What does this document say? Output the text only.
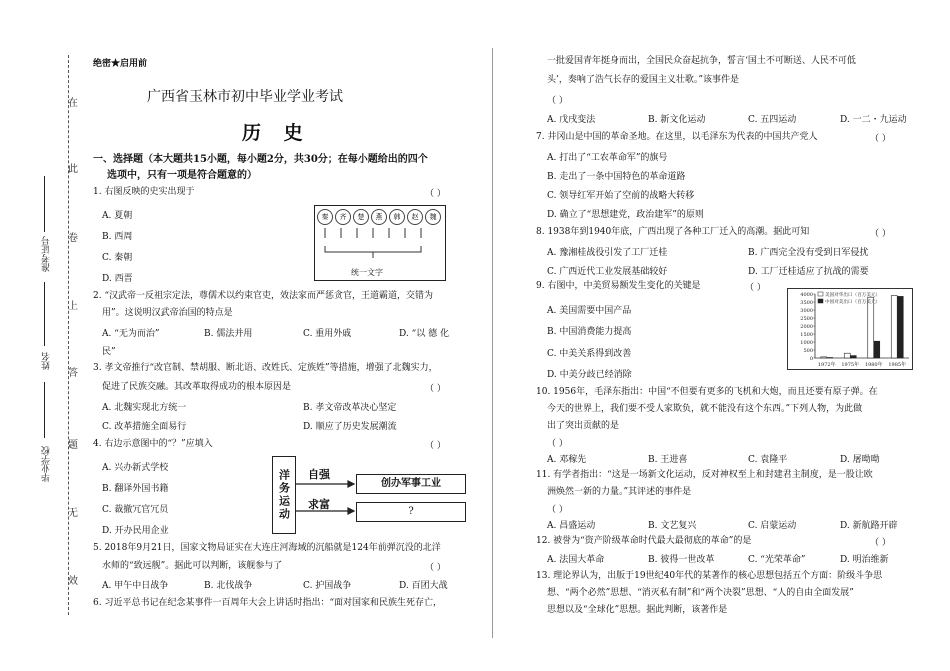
在
此
卷
上
答
题
无
效
准考证号
姓名
毕业学校
绝密★启用前
广西省玉林市初中毕业学业考试
历 史
一、选择题（本大题共15小题，每小题2分，共30分；在每小题给出的四个
选项中，只有一项是符合题意的）
1. 右图反映的史实出现于	（ ）
A. 夏朝
B. 西周
C. 秦朝
D. 西晋
秦	齐	楚	燕	韩	赵	魏
统一文字
2. “汉武帝一反祖宗定法，尊儒术以约束官吏，效法家而严惩贪官，王道霸道，交错为
用”。这说明汉武帝治国的特点是
A. “无为而治”	B. 儒法并用	C. 重用外戚	D. “以 德 化
民”
3. 孝文帝推行“改官制、禁胡服、断北语、改姓氏、定族姓”等措施，增强了北魏实力，
促进了民族交融。其改革取得成功的根本原因是	（ ）
A. 北魏实现北方统一	B. 孝文帝改革决心坚定
C. 改革措施全面易行	D. 顺应了历史发展潮流
4. 右边示意图中的“？”应填入	（ ）
A. 兴办新式学校
B. 翻译外国书籍
C. 裁撤冗官冗员
D. 开办民用企业
洋务运动	自强
求富
创办军事工业
?
5. 2018年9月21日，国家文物局证实在大连庄河海域的沉船就是124年前弹沉没的北洋
水师的“致远舰”。据此可以判断，该舰参与了	（ ）
A. 甲午中日战争	B. 北伐战争	C. 护国战争	D. 百团大战
6. 习近平总书记在纪念某事件一百周年大会上讲话时指出：“面对国家和民族生死存亡，
一批爱国青年挺身而出，全国民众奋起抗争，誓言‘国土不可断送、人民不可低
头’，奏响了浩气长存的爱国主义壮歌。”该事件是
（ ）
A. 戊戌变法	B. 新文化运动	C. 五四运动	D. 一二・九运动
7. 井冈山是中国的革命圣地。在这里，以毛泽东为代表的中国共产党人	（ ）
A. 打出了“工农革命军”的旗号
B. 走出了一条中国特色的革命道路
C. 领导红军开始了空前的战略大转移
D. 确立了“思想建党，政治建军”的原则
8. 1938年到1940年底，广西出现了各种工厂迁入的高潮。据此可知	（ ）
A. 豫湘桂战役引发了工厂迁桂	B. 广西完全没有受到日军侵扰
C. 广西近代工业发展基础较好	D. 工厂迁桂适应了抗战的需要
9. 右图中，中美贸易额发生变化的关键是	（ ）
A. 美国需要中国产品
B. 中国消费能力提高
C. 中美关系得到改善
D. 中美分歧已经消除
4000
3500
3000
2500
2000
1500
1000
500
0
1972年 1975年 1980年 1985年
美国对华出口（百万美元）
中国对美出口（百万美元）
10. 1956年，毛泽东指出：中国“不但要有更多的飞机和大炮，而且还要有原子弹。在
今天的世界上，我们要不受人家欺负，就不能没有这个东西。”下列人物，为此做
出了突出贡献的是
（ ）
A. 邓稼先	B. 王进喜	C. 袁隆平	D. 屠呦呦
11. 有学者指出：“这是一场新文化运动，反对神权至上和封建君主制度，是一股让欧
洲焕然一新的力量。”其评述的事件是
（ ）
A. 昌盛运动	B. 文艺复兴	C. 启蒙运动	D. 新航路开辟
12. 被誉为“资产阶级革命时代最大最彻底的革命”的是	（ ）
A. 法国大革命	B. 彼得一世改革	C. “光荣革命”	D. 明治维新
13. 理论界认为，出版于19世纪40年代的某著作的核心思想包括五个方面：阶级斗争思
想、“两个必然”思想、“消灭私有制”和“两个决裂”思想、“人的自由全面发展”
思想以及“全球化”思想。据此判断，该著作是
